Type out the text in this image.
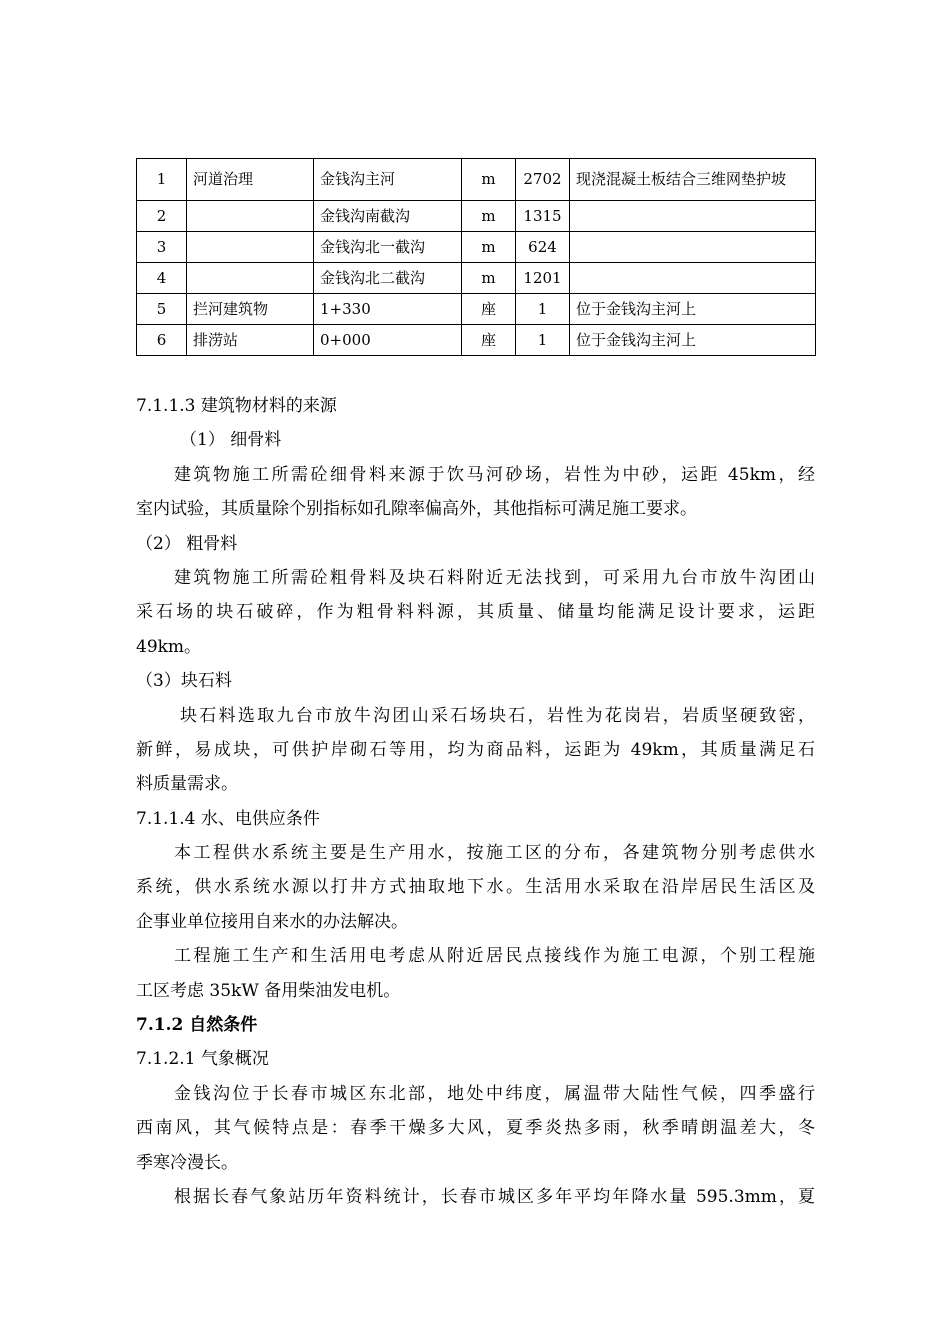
1	河道治理	金钱沟主河	m	2702	现浇混凝土板结合三维网垫护坡
2		金钱沟南截沟	m	1315	
3		金钱沟北一截沟	m	624	
4		金钱沟北二截沟	m	1201	
5	拦河建筑物	1+330	座	1	位于金钱沟主河上
6	排涝站	0+000	座	1	位于金钱沟主河上
7.1.1.3 建筑物材料的来源
（1） 细骨料
建筑物施工所需砼细骨料来源于饮马河砂场，岩性为中砂，运距 45km，经
室内试验，其质量除个别指标如孔隙率偏高外，其他指标可满足施工要求。
（2） 粗骨料
建筑物施工所需砼粗骨料及块石料附近无法找到，可采用九台市放牛沟团山
采石场的块石破碎，作为粗骨料料源，其质量、储量均能满足设计要求，运距
49km。
（3）块石料
块石料选取九台市放牛沟团山采石场块石，岩性为花岗岩，岩质坚硬致密，
新鲜，易成块，可供护岸砌石等用，均为商品料，运距为 49km，其质量满足石
料质量需求。
7.1.1.4 水、电供应条件
本工程供水系统主要是生产用水，按施工区的分布，各建筑物分别考虑供水
系统，供水系统水源以打井方式抽取地下水。生活用水采取在沿岸居民生活区及
企事业单位接用自来水的办法解决。
工程施工生产和生活用电考虑从附近居民点接线作为施工电源，个别工程施
工区考虑 35kW 备用柴油发电机。
7.1.2 自然条件
7.1.2.1 气象概况
金钱沟位于长春市城区东北部，地处中纬度，属温带大陆性气候，四季盛行
西南风，其气候特点是：春季干燥多大风，夏季炎热多雨，秋季晴朗温差大，冬
季寒冷漫长。
根据长春气象站历年资料统计，长春市城区多年平均年降水量 595.3mm，夏
